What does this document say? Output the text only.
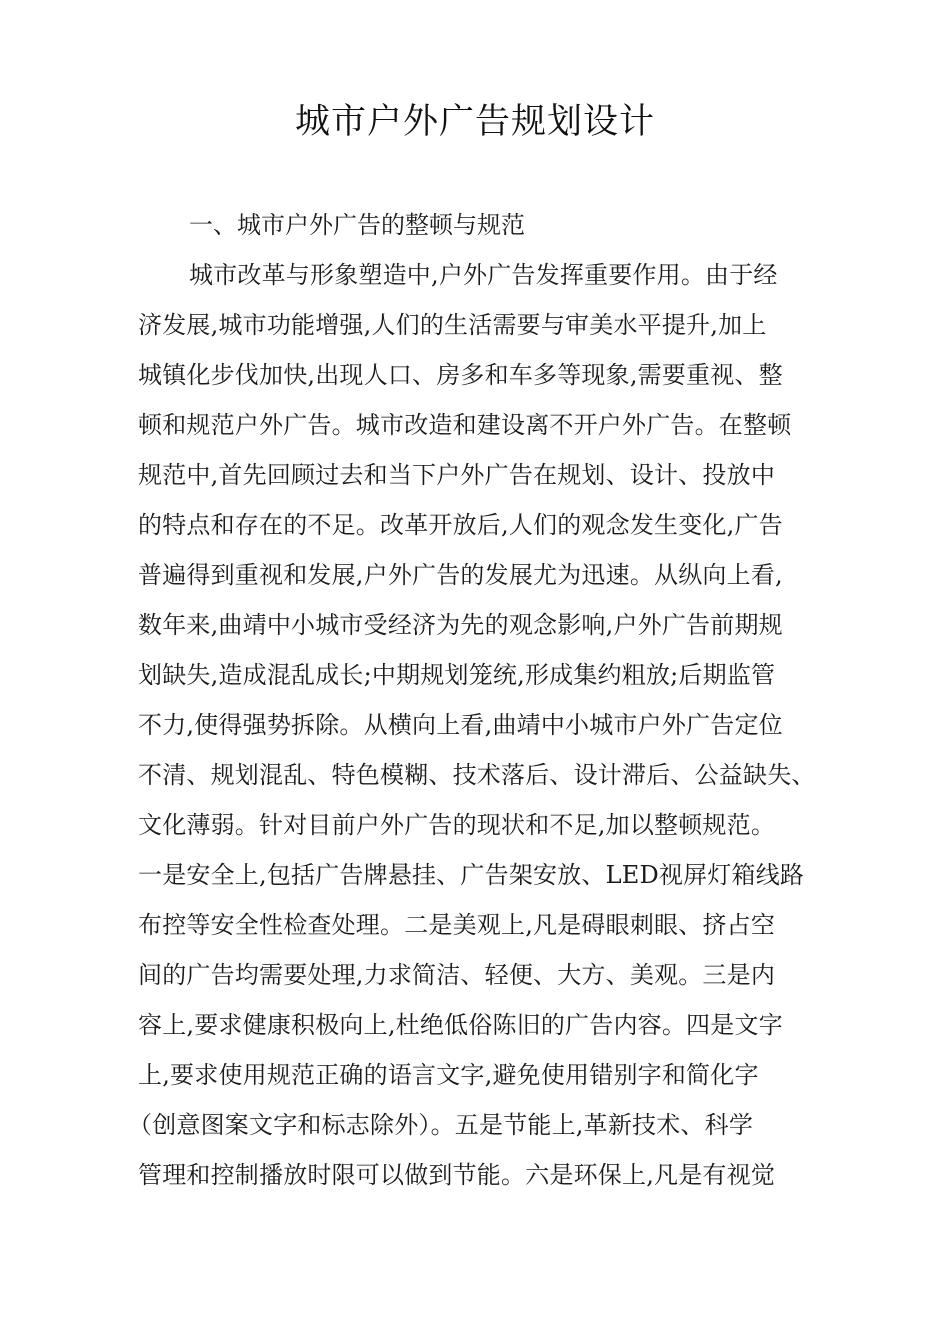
城市户外广告规划设计
一、城市户外广告的整顿与规范
城市改革与形象塑造中,户外广告发挥重要作用。由于经
济发展,城市功能增强,人们的生活需要与审美水平提升,加上
城镇化步伐加快,出现人口、房多和车多等现象,需要重视、整
顿和规范户外广告。城市改造和建设离不开户外广告。在整顿
规范中,首先回顾过去和当下户外广告在规划、设计、投放中
的特点和存在的不足。改革开放后,人们的观念发生变化,广告
普遍得到重视和发展,户外广告的发展尤为迅速。从纵向上看,
数年来,曲靖中小城市受经济为先的观念影响,户外广告前期规
划缺失,造成混乱成长;中期规划笼统,形成集约粗放;后期监管
不力,使得强势拆除。从横向上看,曲靖中小城市户外广告定位
不清、规划混乱、特色模糊、技术落后、设计滞后、公益缺失、
文化薄弱。针对目前户外广告的现状和不足,加以整顿规范。
一是安全上,包括广告牌悬挂、广告架安放、LED视屏灯箱线路
布控等安全性检查处理。二是美观上,凡是碍眼刺眼、挤占空
间的广告均需要处理,力求简洁、轻便、大方、美观。三是内
容上,要求健康积极向上,杜绝低俗陈旧的广告内容。四是文字
上,要求使用规范正确的语言文字,避免使用错别字和简化字
（创意图案文字和标志除外）。五是节能上,革新技术、科学
管理和控制播放时限可以做到节能。六是环保上,凡是有视觉
